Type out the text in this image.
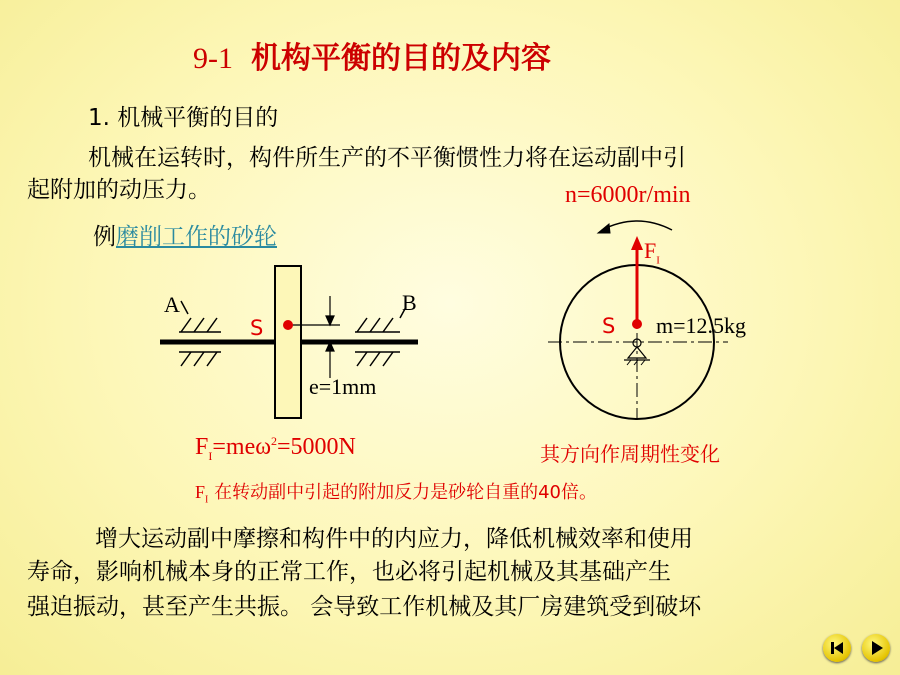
9-1 机构平衡的目的及内容
1. 机械平衡的目的
机械在运转时，构件所生产的不平衡惯性力将在运动副中引
起附加的动压力。
例磨削工作的砂轮
A	B
S
e=1mm
$F_I=me\omega^2=5000N$
n=6000r/min
$F_I$
S m=12.5kg
其方向作周期性变化
$F_I$ 在转动副中引起的附加反力是砂轮自重的40倍。
增大运动副中摩擦和构件中的内应力，降低机械效率和使用
寿命，影响机械本身的正常工作，也必将引起机械及其基础产生
强迫振动，甚至产生共振。 会导致工作机械及其厂房建筑受到破坏
